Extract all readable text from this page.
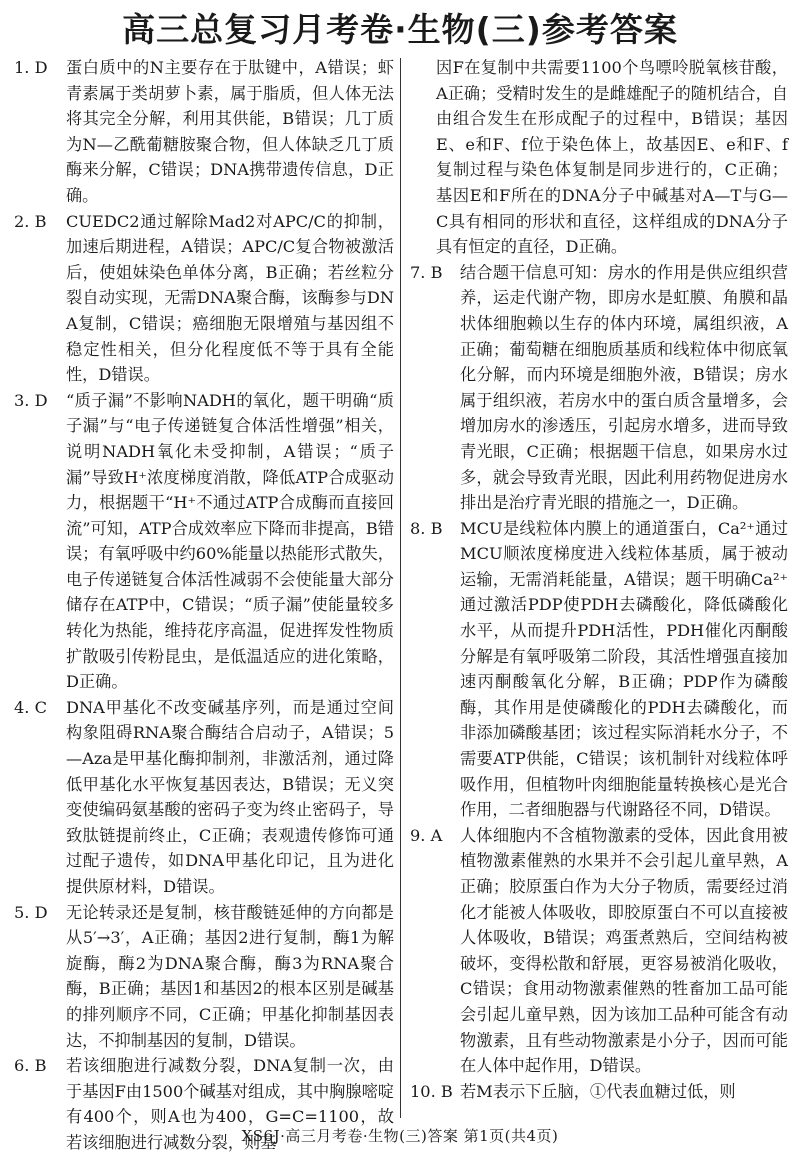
高三总复习月考卷·生物(三)参考答案
1. D	蛋白质中的N主要存在于肽键中，A错误；虾青素属于类胡萝卜素，属于脂质，但人体无法将其完全分解，利用其供能，B错误；几丁质为N—乙酰葡糖胺聚合物，但人体缺乏几丁质酶来分解，C错误；DNA携带遗传信息，D正确。

2. B	CUEDC2通过解除Mad2对APC/C的抑制，加速后期进程，A错误；APC/C复合物被激活后，使姐妹染色单体分离，B正确；若丝粒分裂自动实现，无需DNA聚合酶，该酶参与DNA复制，C错误；癌细胞无限增殖与基因组不稳定性相关，但分化程度低不等于具有全能性，D错误。

3. D	“质子漏”不影响NADH的氧化，题干明确“质子漏”与“电子传递链复合体活性增强”相关，说明NADH氧化未受抑制，A错误；“质子漏”导致H⁺浓度梯度消散，降低ATP合成驱动力，根据题干“H⁺不通过ATP合成酶而直接回流”可知，ATP合成效率应下降而非提高，B错误；有氧呼吸中约60%能量以热能形式散失，电子传递链复合体活性减弱不会使能量大部分储存在ATP中，C错误；“质子漏”使能量较多转化为热能，维持花序高温，促进挥发性物质扩散吸引传粉昆虫，是低温适应的进化策略，D正确。

4. C	DNA甲基化不改变碱基序列，而是通过空间构象阻碍RNA聚合酶结合启动子，A错误；5—Aza是甲基化酶抑制剂，非激活剂，通过降低甲基化水平恢复基因表达，B错误；无义突变使编码氨基酸的密码子变为终止密码子，导致肽链提前终止，C正确；表观遗传修饰可通过配子遗传，如DNA甲基化印记，且为进化提供原材料，D错误。

5. D	无论转录还是复制，核苷酸链延伸的方向都是从5′→3′，A正确；基因2进行复制，酶1为解旋酶，酶2为DNA聚合酶，酶3为RNA聚合酶，B正确；基因1和基因2的根本区别是碱基的排列顺序不同，C正确；甲基化抑制基因表达，不抑制基因的复制，D错误。

6. B	若该细胞进行减数分裂，DNA复制一次，由于基因F由1500个碱基对组成，其中胸腺嘧啶有400个，则A也为400，G=C=1100，故若该细胞进行减数分裂，则基

因F在复制中共需要1100个鸟嘌呤脱氧核苷酸，A正确；受精时发生的是雌雄配子的随机结合，自由组合发生在形成配子的过程中，B错误；基因E、e和F、f位于染色体上，故基因E、e和F、f复制过程与染色体复制是同步进行的，C正确；基因E和F所在的DNA分子中碱基对A—T与G—C具有相同的形状和直径，这样组成的DNA分子具有恒定的直径，D正确。

7. B	结合题干信息可知：房水的作用是供应组织营养，运走代谢产物，即房水是虹膜、角膜和晶状体细胞赖以生存的体内环境，属组织液，A正确；葡萄糖在细胞质基质和线粒体中彻底氧化分解，而内环境是细胞外液，B错误；房水属于组织液，若房水中的蛋白质含量增多，会增加房水的渗透压，引起房水增多，进而导致青光眼，C正确；根据题干信息，如果房水过多，就会导致青光眼，因此利用药物促进房水排出是治疗青光眼的措施之一，D正确。

8. B	MCU是线粒体内膜上的通道蛋白，Ca²⁺通过MCU顺浓度梯度进入线粒体基质，属于被动运输，无需消耗能量，A错误；题干明确Ca²⁺通过激活PDP使PDH去磷酸化，降低磷酸化水平，从而提升PDH活性，PDH催化丙酮酸分解是有氧呼吸第二阶段，其活性增强直接加速丙酮酸氧化分解，B正确；PDP作为磷酸酶，其作用是使磷酸化的PDH去磷酸化，而非添加磷酸基团；该过程实际消耗水分子，不需要ATP供能，C错误；该机制针对线粒体呼吸作用，但植物叶肉细胞能量转换核心是光合作用，二者细胞器与代谢路径不同，D错误。

9. A	人体细胞内不含植物激素的受体，因此食用被植物激素催熟的水果并不会引起儿童早熟，A正确；胶原蛋白作为大分子物质，需要经过消化才能被人体吸收，即胶原蛋白不可以直接被人体吸收，B错误；鸡蛋煮熟后，空间结构被破坏，变得松散和舒展，更容易被消化吸收，C错误；食用动物激素催熟的牲畜加工品可能会引起儿童早熟，因为该加工品种可能含有动物激素，且有些动物激素是小分子，因而可能在人体中起作用，D错误。

10. B 若M表示下丘脑，①代表血糖过低，则

XS6J·高三月考卷·生物(三)答案 第1页(共4页)
